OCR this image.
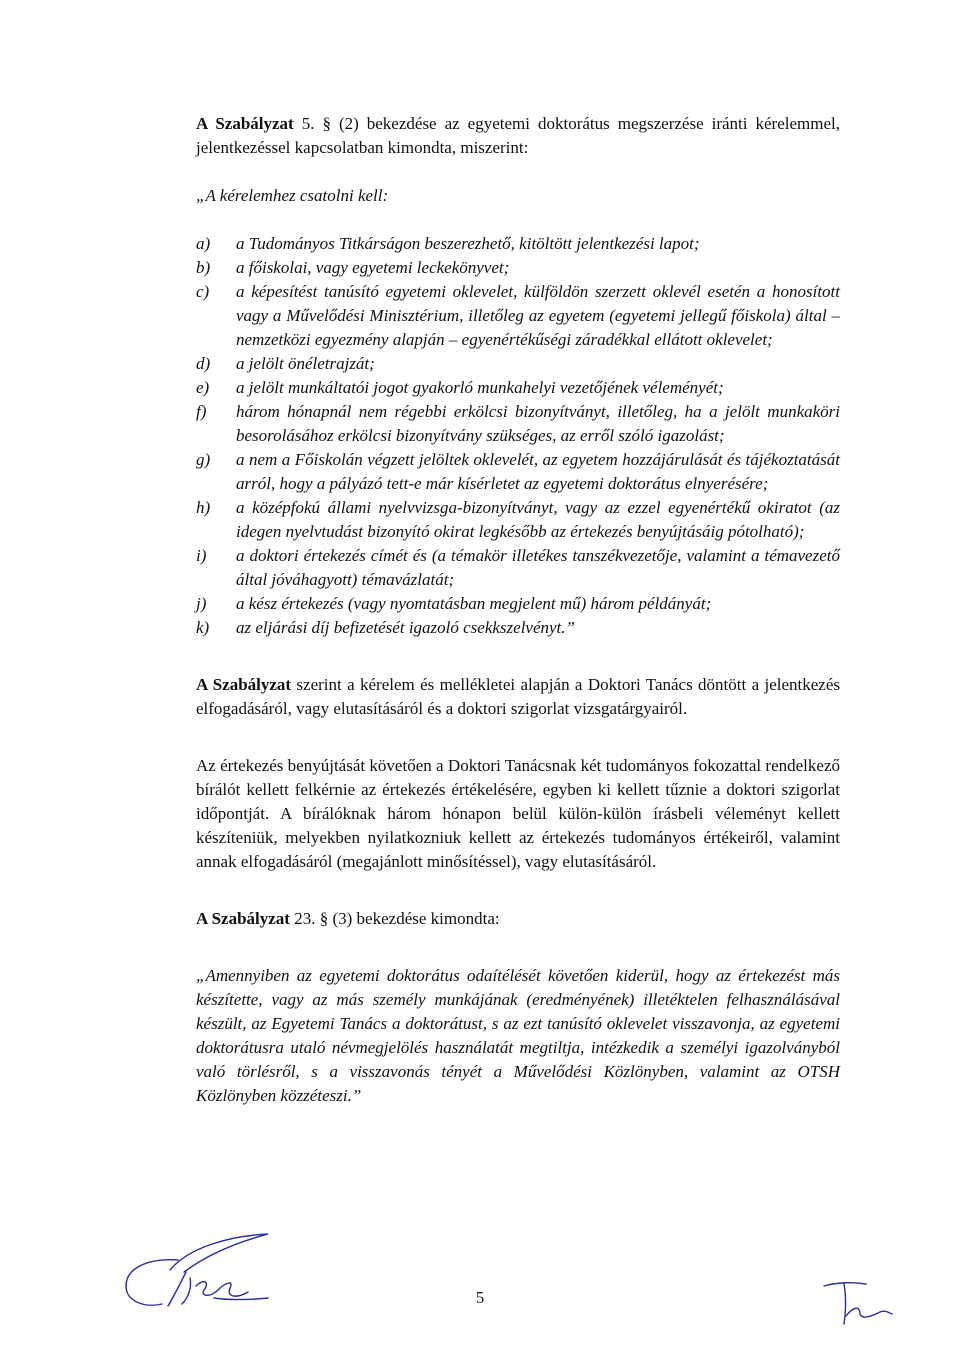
A Szabályzat 5. § (2) bekezdése az egyetemi doktorátus megszerzése iránti kérelemmel, jelentkezéssel kapcsolatban kimondta, miszerint:

„A kérelemhez csatolni kell:

a) a Tudományos Titkárságon beszerezhető, kitöltött jelentkezési lapot;
b) a főiskolai, vagy egyetemi leckekönyvet;
c) a képesítést tanúsító egyetemi oklevelet, külföldön szerzett oklevél esetén a honosított vagy a Művelődési Minisztérium, illetőleg az egyetem (egyetemi jellegű főiskola) által – nemzetközi egyezmény alapján – egyenértékűségi záradékkal ellátott oklevelet;
d) a jelölt önéletrajzát;
e) a jelölt munkáltatói jogot gyakorló munkahelyi vezetőjének véleményét;
f) három hónapnál nem régebbi erkölcsi bizonyítványt, illetőleg, ha a jelölt munkaköri besorolásához erkölcsi bizonyítvány szükséges, az erről szóló igazolást;
g) a nem a Főiskolán végzett jelöltek oklevelét, az egyetem hozzájárulását és tájékoztatását arról, hogy a pályázó tett-e már kísérletet az egyetemi doktorátus elnyerésére;
h) a középfokú állami nyelvvizsga-bizonyítványt, vagy az ezzel egyenértékű okiratot (az idegen nyelvtudást bizonyító okirat legkésőbb az értekezés benyújtásáig pótolható);
i) a doktori értekezés címét és (a témakör illetékes tanszékvezetője, valamint a témavezető által jóváhagyott) témavázlatát;
j) a kész értekezés (vagy nyomtatásban megjelent mű) három példányát;
k) az eljárási díj befizetését igazoló csekkszelvényt.”

A Szabályzat szerint a kérelem és mellékletei alapján a Doktori Tanács döntött a jelentkezés elfogadásáról, vagy elutasításáról és a doktori szigorlat vizsgatárgyairól.

Az értekezés benyújtását követően a Doktori Tanácsnak két tudományos fokozattal rendelkező bírálót kellett felkérnie az értekezés értékelésére, egyben ki kellett tűznie a doktori szigorlat időpontját. A bírálóknak három hónapon belül külön-külön írásbeli véleményt kellett készíteniük, melyekben nyilatkozniuk kellett az értekezés tudományos értékeiről, valamint annak elfogadásáról (megajánlott minősítéssel), vagy elutasításáról.

A Szabályzat 23. § (3) bekezdése kimondta:

„Amennyiben az egyetemi doktorátus odaítélését követően kiderül, hogy az értekezést más készítette, vagy az más személy munkájának (eredményének) illetéktelen felhasználásával készült, az Egyetemi Tanács a doktorátust, s az ezt tanúsító oklevelet visszavonja, az egyetemi doktorátusra utaló névmegjelölés használatát megtiltja, intézkedik a személyi igazolványból való törlésről, s a visszavonás tényét a Művelődési Közlönyben, valamint az OTSH Közlönyben közzéteszi.”

5
